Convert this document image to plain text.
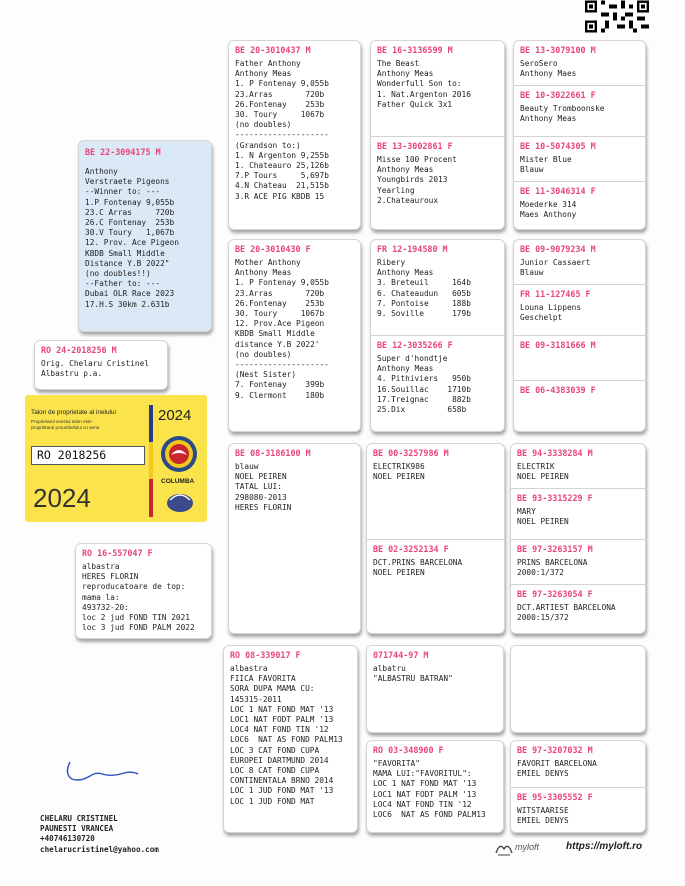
BE 20-3010437 M
Father Anthony
Anthony Meas
1. P Fontenay 9,055b
23.Arras       720b
26.Fontenay    253b
30. Toury     1067b
(no doubles)
--------------------
(Grandson to:)
1. N Argenton 9,255b
1. Chateauro 25,126b
7.P Tours     5,697b
4.N Chateau  21,515b
3.R ACE PIG KBDB 15
BE 16-3136599 M
The Beast
Anthony Meas
Wonderfull Son to:
1. Nat.Argenton 2016
Father Quick 3x1
BE 13-3002861 F
Misse 100 Procent
Anthony Meas
Youngbirds 2013
Yearling
2.Chateauroux
BE 13-3079100 M
SeroSero
Anthony Maes
BE 10-3022661 F
Beauty Tromboonske
Anthony Meas
BE 10-5074305 M
Mister Blue
Blauw
BE 11-3046314 F
Moederke 314
Maes Anthony
BE 22-3094175 M
Anthony
Verstraete Pigeons
--Winner to: ---
1.P Fontenay 9,055b
23.C Arras     720b
26.C Fontenay  253b
30.V Toury   1,067b
12. Prov. Ace Pigeon
KBDB Small Middle
Distance Y.B 2022"
(no doubles!!)
--Father to: ---
Dubai OLR Race 2023
17.H.S 30km 2.631b
BE 20-3010430 F
Mother Anthony
Anthony Meas
1. P Fontenay 9,055b
23.Arras       720b
26.Fontenay    253b
30. Toury     1067b
12. Prov.Ace Pigeon
KBDB Small Middle
distance Y.B 2022'
(no doubles)
--------------------
(Nest Sister)
7. Fontenay    399b
9. Clermont    180b
FR 12-194580 M
Ribery
Anthony Meas
3. Breteuil     164b
6. Chateaudun   605b
7. Pontoise     188b
9. Soville      179b
BE 12-3035266 F
Super d'hondtje
Anthony Meas
4. Pithiviers   950b
16.Souillac    1710b
17.Treignac     882b
25.Dix         658b
BE 09-9079234 M
Junior Cassaert
Blauw
FR 11-127465 F
Louna Lippens
Geschelpt
BE 09-3181666 M
BE 06-4383039 F
RO 24-2018256 M
Orig. Chelaru Cristinel
Albastru p.a.
Talon de proprietate al inelului
Proprietarul acestui talon este
proprietarul porumbelului cu seria
2024
RO 2018256
2024
COLUMBA
BE 08-3186100 M
blauw
NOEL PEIREN
TATAL LUI:
298080-2013
HERES FLORIN
BE 00-3257986 M
ELECTRIK986
NOEL PEIREN
BE 02-3252134 F
DCT.PRINS BARCELONA
NOEL PEIREN
BE 94-3338284 M
ELECTRIK
NOEL PEIREN
BE 93-3315229 F
MARY
NOEL PEIREN
BE 97-3263157 M
PRINS BARCELONA
2000:1/372
BE 97-3263054 F
DCT.ARTIEST BARCELONA
2000:15/372
RO 16-557047 F
albastra
HERES FLORIN
reproducatoare de top:
mama la:
493732-20:
loc 2 jud FOND TIN 2021
loc 3 jud FOND PALM 2022
RO 08-339017 F
albastra
FIICA FAVORITA
SORA DUPA MAMA CU:
145315-2011
LOC 1 NAT FOND MAT '13
LOC1 NAT FODT PALM '13
LOC4 NAT FOND TIN '12
LOC6  NAT AS FOND PALM13
LOC 3 CAT FOND CUPA
EUROPEI DARTMUND 2014
LOC 8 CAT FOND CUPA
CONTINENTALA BRNO 2014
LOC 1 JUD FOND MAT '13
LOC 1 JUD FOND MAT
071744-97 M
albatru
"ALBASTRU BATRAN"
RO 03-348900 F
"FAVORITA"
MAMA LUI:"FAVORITUL":
LOC 1 NAT FOND MAT '13
LOC1 NAT FODT PALM '13
LOC4 NAT FOND TIN '12
LOC6  NAT AS FOND PALM13
BE 97-3207032 M
FAVORIT BARCELONA
EMIEL DENYS
BE 95-3305552 F
WITSTAARISE
EMIEL DENYS
CHELARU CRISTINEL
PAUNESTI VRANCEA
+40746130720
chelarucristinel@yahoo.com	myloft	https://myloft.ro
